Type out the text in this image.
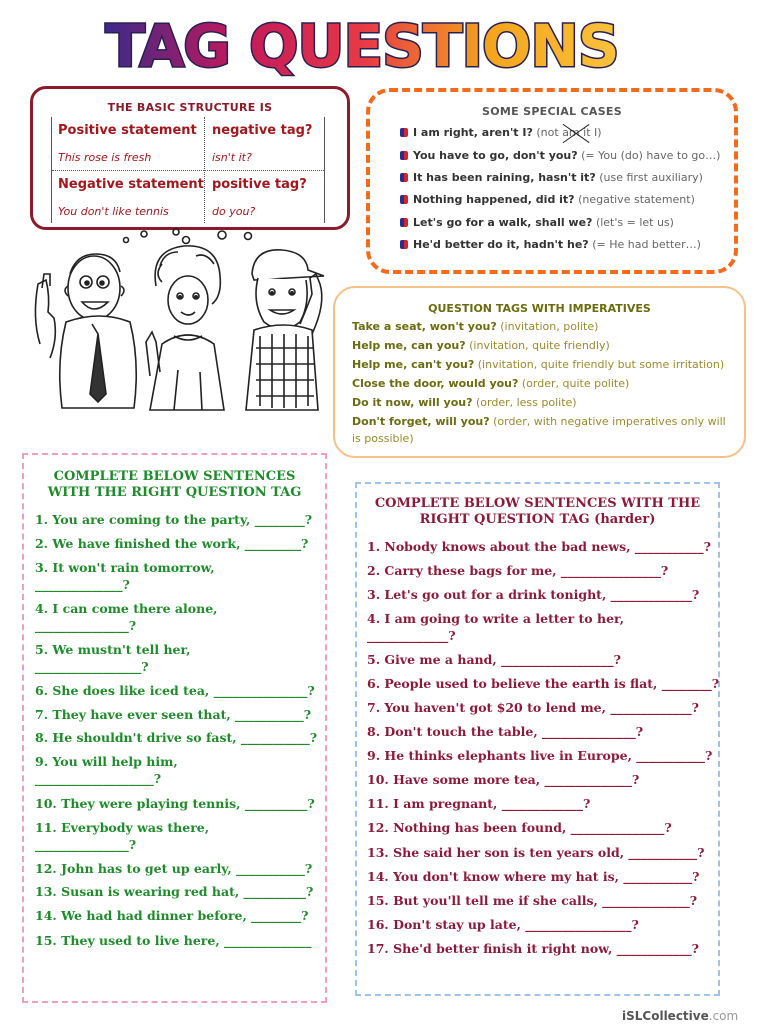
TAG QUESTIONS
THE BASIC STRUCTURE IS
Positive statement negative tag?
This rose is fresh	isn't it?
Negative statement positive tag?
You don't like tennis	do you?
SOME SPECIAL CASES
I am right, aren't I? (not am it I)
You have to go, don't you? (= You (do) have to go…)
It has been raining, hasn't it? (use first auxiliary)
Nothing happened, did it? (negative statement)
Let's go for a walk, shall we? (let's = let us)
He'd better do it, hadn't he? (= He had better…)
QUESTION TAGS WITH IMPERATIVES
Take a seat, won't you? (invitation, polite)
Help me, can you? (invitation, quite friendly)
Help me, can't you? (invitation, quite friendly but some irritation)
Close the door, would you? (order, quite polite)
Do it now, will you? (order, less polite)
Don't forget, will you? (order, with negative imperatives only will is possible)
COMPLETE BELOW SENTENCES
WITH THE RIGHT QUESTION TAG
1. You are coming to the party, ________?
2. We have finished the work, _________?
3. It won't rain tomorrow,
______________?
4. I can come there alone,
_______________?
5. We mustn't tell her,
_________________?
6. She does like iced tea, _______________?
7. They have ever seen that, ___________?
8. He shouldn't drive so fast, ___________?
9. You will help him,
___________________?
10. They were playing tennis, __________?
11. Everybody was there,
_______________?
12. John has to get up early, ___________?
13. Susan is wearing red hat, __________?
14. We had had dinner before, ________?
15. They used to live here, ______________
COMPLETE BELOW SENTENCES WITH THE
RIGHT QUESTION TAG (harder)
1. Nobody knows about the bad news, ___________?
2. Carry these bags for me, ________________?
3. Let's go out for a drink tonight, _____________?
4. I am going to write a letter to her,
_____________?
5. Give me a hand, __________________?
6. People used to believe the earth is flat, ________?
7. You haven't got $20 to lend me, _____________?
8. Don't touch the table, _______________?
9. He thinks elephants live in Europe, ___________?
10. Have some more tea, ______________?
11. I am pregnant, _____________?
12. Nothing has been found, _______________?
13. She said her son is ten years old, ___________?
14. You don't know where my hat is, ___________?
15. But you'll tell me if she calls, ______________?
16. Don't stay up late, _________________?
17. She'd better finish it right now, ____________?
iSLCollective.com
